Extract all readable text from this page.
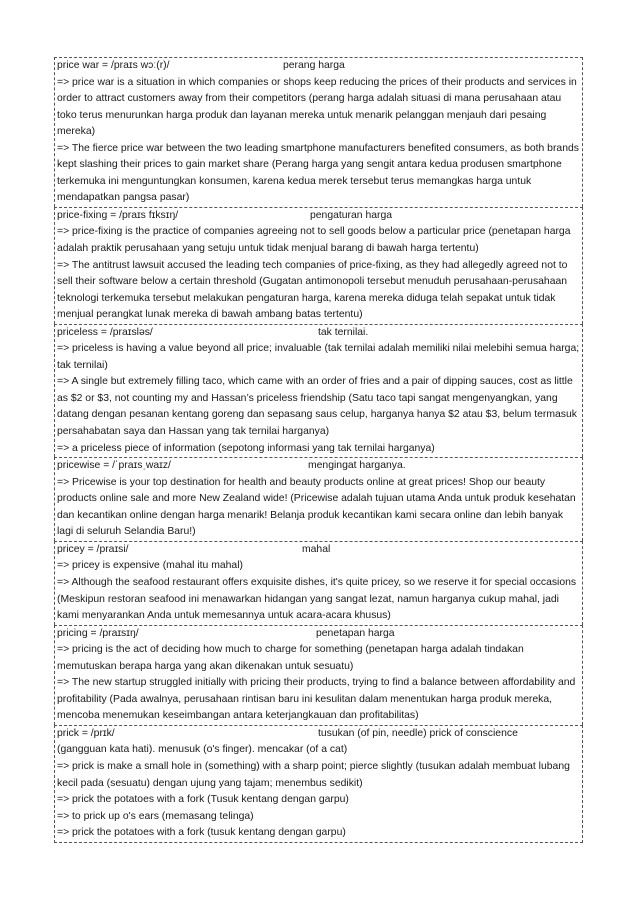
price war = /praɪs wɔː(r)/	perang harga
=> price war is a situation in which companies or shops keep reducing the prices of their products and services in order to attract customers away from their competitors (perang harga adalah situasi di mana perusahaan atau toko terus menurunkan harga produk dan layanan mereka untuk menarik pelanggan menjauh dari pesaing mereka)
=> The fierce price war between the two leading smartphone manufacturers benefited consumers, as both brands kept slashing their prices to gain market share (Perang harga yang sengit antara kedua produsen smartphone terkemuka ini menguntungkan konsumen, karena kedua merek tersebut terus memangkas harga untuk mendapatkan pangsa pasar)
price-fixing = /praɪs fɪksɪŋ/	pengaturan harga
=> price-fixing is the practice of companies agreeing not to sell goods below a particular price (penetapan harga adalah praktik perusahaan yang setuju untuk tidak menjual barang di bawah harga tertentu)
=> The antitrust lawsuit accused the leading tech companies of price-fixing, as they had allegedly agreed not to sell their software below a certain threshold (Gugatan antimonopoli tersebut menuduh perusahaan-perusahaan teknologi terkemuka tersebut melakukan pengaturan harga, karena mereka diduga telah sepakat untuk tidak menjual perangkat lunak mereka di bawah ambang batas tertentu)
priceless = /praɪsləs/	tak ternilai.
=> priceless is having a value beyond all price; invaluable (tak ternilai adalah memiliki nilai melebihi semua harga; tak ternilai)
=> A single but extremely filling taco, which came with an order of fries and a pair of dipping sauces, cost as little as $2 or $3, not counting my and Hassan’s priceless friendship (Satu taco tapi sangat mengenyangkan, yang datang dengan pesanan kentang goreng dan sepasang saus celup, harganya hanya $2 atau $3, belum termasuk persahabatan saya dan Hassan yang tak ternilai harganya)
=> a priceless piece of information (sepotong informasi yang tak ternilai harganya)
pricewise = /ˈpraɪsˌwaɪz/	mengingat harganya.
=> Pricewise is your top destination for health and beauty products online at great prices! Shop our beauty products online sale and more New Zealand wide! (Pricewise adalah tujuan utama Anda untuk produk kesehatan dan kecantikan online dengan harga menarik! Belanja produk kecantikan kami secara online dan lebih banyak lagi di seluruh Selandia Baru!)
pricey = /praɪsi/	mahal
=> pricey is expensive (mahal itu mahal)
=> Although the seafood restaurant offers exquisite dishes, it's quite pricey, so we reserve it for special occasions (Meskipun restoran seafood ini menawarkan hidangan yang sangat lezat, namun harganya cukup mahal, jadi kami menyarankan Anda untuk memesannya untuk acara-acara khusus)
pricing = /praɪsɪŋ/	penetapan harga
=> pricing is the act of deciding how much to charge for something (penetapan harga adalah tindakan memutuskan berapa harga yang akan dikenakan untuk sesuatu)
=> The new startup struggled initially with pricing their products, trying to find a balance between affordability and profitability (Pada awalnya, perusahaan rintisan baru ini kesulitan dalam menentukan harga produk mereka, mencoba menemukan keseimbangan antara keterjangkauan dan profitabilitas)
prick = /prɪk/	tusukan (of pin, needle) prick of conscience
(gangguan kata hati). menusuk (o's finger). mencakar (of a cat)
=> prick is make a small hole in (something) with a sharp point; pierce slightly (tusukan adalah membuat lubang kecil pada (sesuatu) dengan ujung yang tajam; menembus sedikit)
=> prick the potatoes with a fork (Tusuk kentang dengan garpu)
=> to prick up o's ears (memasang telinga)
=> prick the potatoes with a fork (tusuk kentang dengan garpu)
